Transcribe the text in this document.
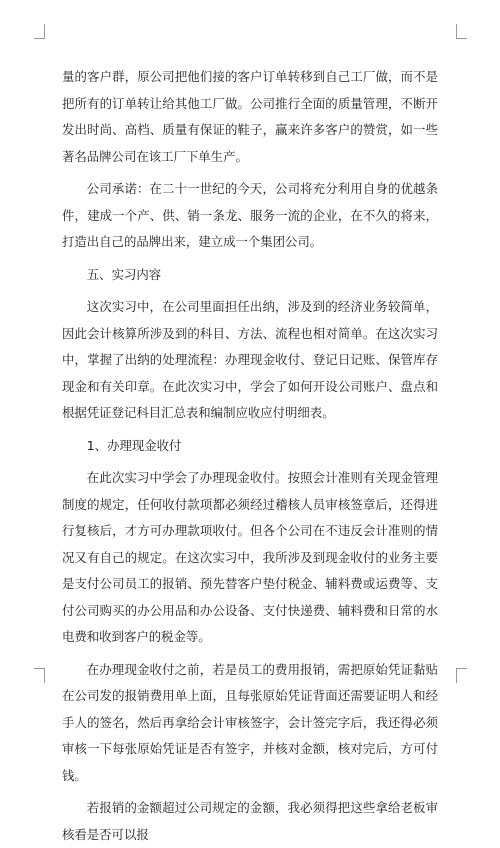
量的客户群，原公司把他们接的客户订单转移到自己工厂做，而不是把所有的订单转让给其他工厂做。公司推行全面的质量管理，不断开发出时尚、高档、质量有保证的鞋子，赢来许多客户的赞赏，如一些著名品牌公司在该工厂下单生产。

公司承诺：在二十一世纪的今天，公司将充分利用自身的优越条件，建成一个产、供、销一条龙、服务一流的企业，在不久的将来，打造出自己的品牌出来，建立成一个集团公司。

五、实习内容

这次实习中，在公司里面担任出纳，涉及到的经济业务较简单，因此会计核算所涉及到的科目、方法、流程也相对简单。在这次实习中，掌握了出纳的处理流程：办理现金收付、登记日记账、保管库存现金和有关印章。在此次实习中，学会了如何开设公司账户、盘点和根据凭证登记科目汇总表和编制应收应付明细表。

1、办理现金收付

在此次实习中学会了办理现金收付。按照会计准则有关现金管理制度的规定，任何收付款项都必须经过稽核人员审核签章后，还得进行复核后，才方可办理款项收付。但各个公司在不违反会计准则的情况又有自己的规定。在这次实习中，我所涉及到现金收付的业务主要是支付公司员工的报销、预先替客户垫付税金、辅料费或运费等、支付公司购买的办公用品和办公设备、支付快递费、辅料费和日常的水电费和收到客户的税金等。

在办理现金收付之前，若是员工的费用报销，需把原始凭证黏贴在公司发的报销费用单上面，且每张原始凭证背面还需要证明人和经手人的签名，然后再拿给会计审核签字，会计签完字后，我还得必须审核一下每张原始凭证是否有签字，并核对金额，核对完后，方可付钱。

若报销的金额超过公司规定的金额，我必须得把这些拿给老板审核看是否可以报
